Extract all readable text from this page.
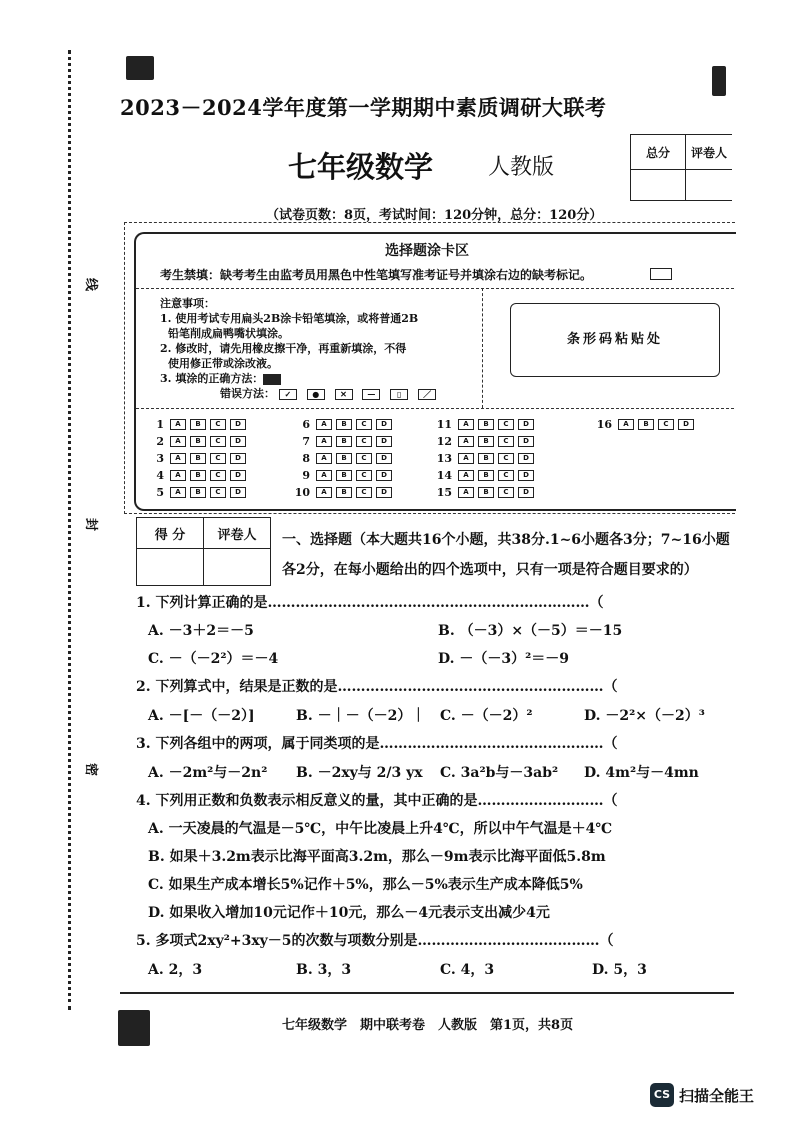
线
封
密
2023－2024学年度第一学期期中素质调研大联考
七年级数学 人教版
总分	评卷人

（试卷页数：8页，考试时间：120分钟，总分：120分）
选择题涂卡区
考生禁填：缺考考生由监考员用黑色中性笔填写准考证号并填涂右边的缺考标记。
注意事项：
1. 使用考试专用扁头2B涂卡铅笔填涂，或将普通2B
铅笔削成扁鸭嘴状填涂。
2. 修改时，请先用橡皮擦干净，再重新填涂，不得
使用修正带或涂改液。
3. 填涂的正确方法：
错误方法： ✓	●	✕	—	▯	／
条形码粘贴处
1	A	B	C	D
2	A	B	C	D
3	A	B	C	D
4	A	B	C	D
5	A	B	C	D
6	A	B	C	D
7	A	B	C	D
8	A	B	C	D
9	A	B	C	D
10	A	B	C	D
11	A	B	C	D
12	A	B	C	D
13	A	B	C	D
14	A	B	C	D
15	A	B	C	D
16	A	B	C	D
得 分	评卷人
	一、选择题（本大题共16个小题，共38分.1~6小题各3分；7~16小题
各2分，在每小题给出的四个选项中，只有一项是符合题目要求的）
1. 下列计算正确的是……………………………………………………………（
A. －3＋2＝－5	B. （－3）×（－5）＝－15
C. －（－2²）＝－4	D. －（－3）²＝－9
2. 下列算式中，结果是正数的是…………………………………………………（
A. －[－（－2）]	B. －｜－（－2）｜ C. －（－2）²	D. －2²×（－2）³
3. 下列各组中的两项，属于同类项的是…………………………………………（
A. －2m²与－2n² B. －2xy与 2/3 yx C. 3a²b与－3ab² D. 4m²与－4mn
4. 下列用正数和负数表示相反意义的量，其中正确的是………………………（
A. 一天凌晨的气温是－5℃，中午比凌晨上升4℃，所以中午气温是＋4℃
B. 如果＋3.2m表示比海平面高3.2m，那么－9m表示比海平面低5.8m
C. 如果生产成本增长5%记作＋5%，那么－5%表示生产成本降低5%
D. 如果收入增加10元记作＋10元，那么－4元表示支出减少4元
5. 多项式2xy²+3xy－5的次数与项数分别是…………………………………（
A. 2，3	B. 3，3	C. 4，3	D. 5，3
七年级数学　期中联考卷　人教版　第1页，共8页
CS 扫描全能王
